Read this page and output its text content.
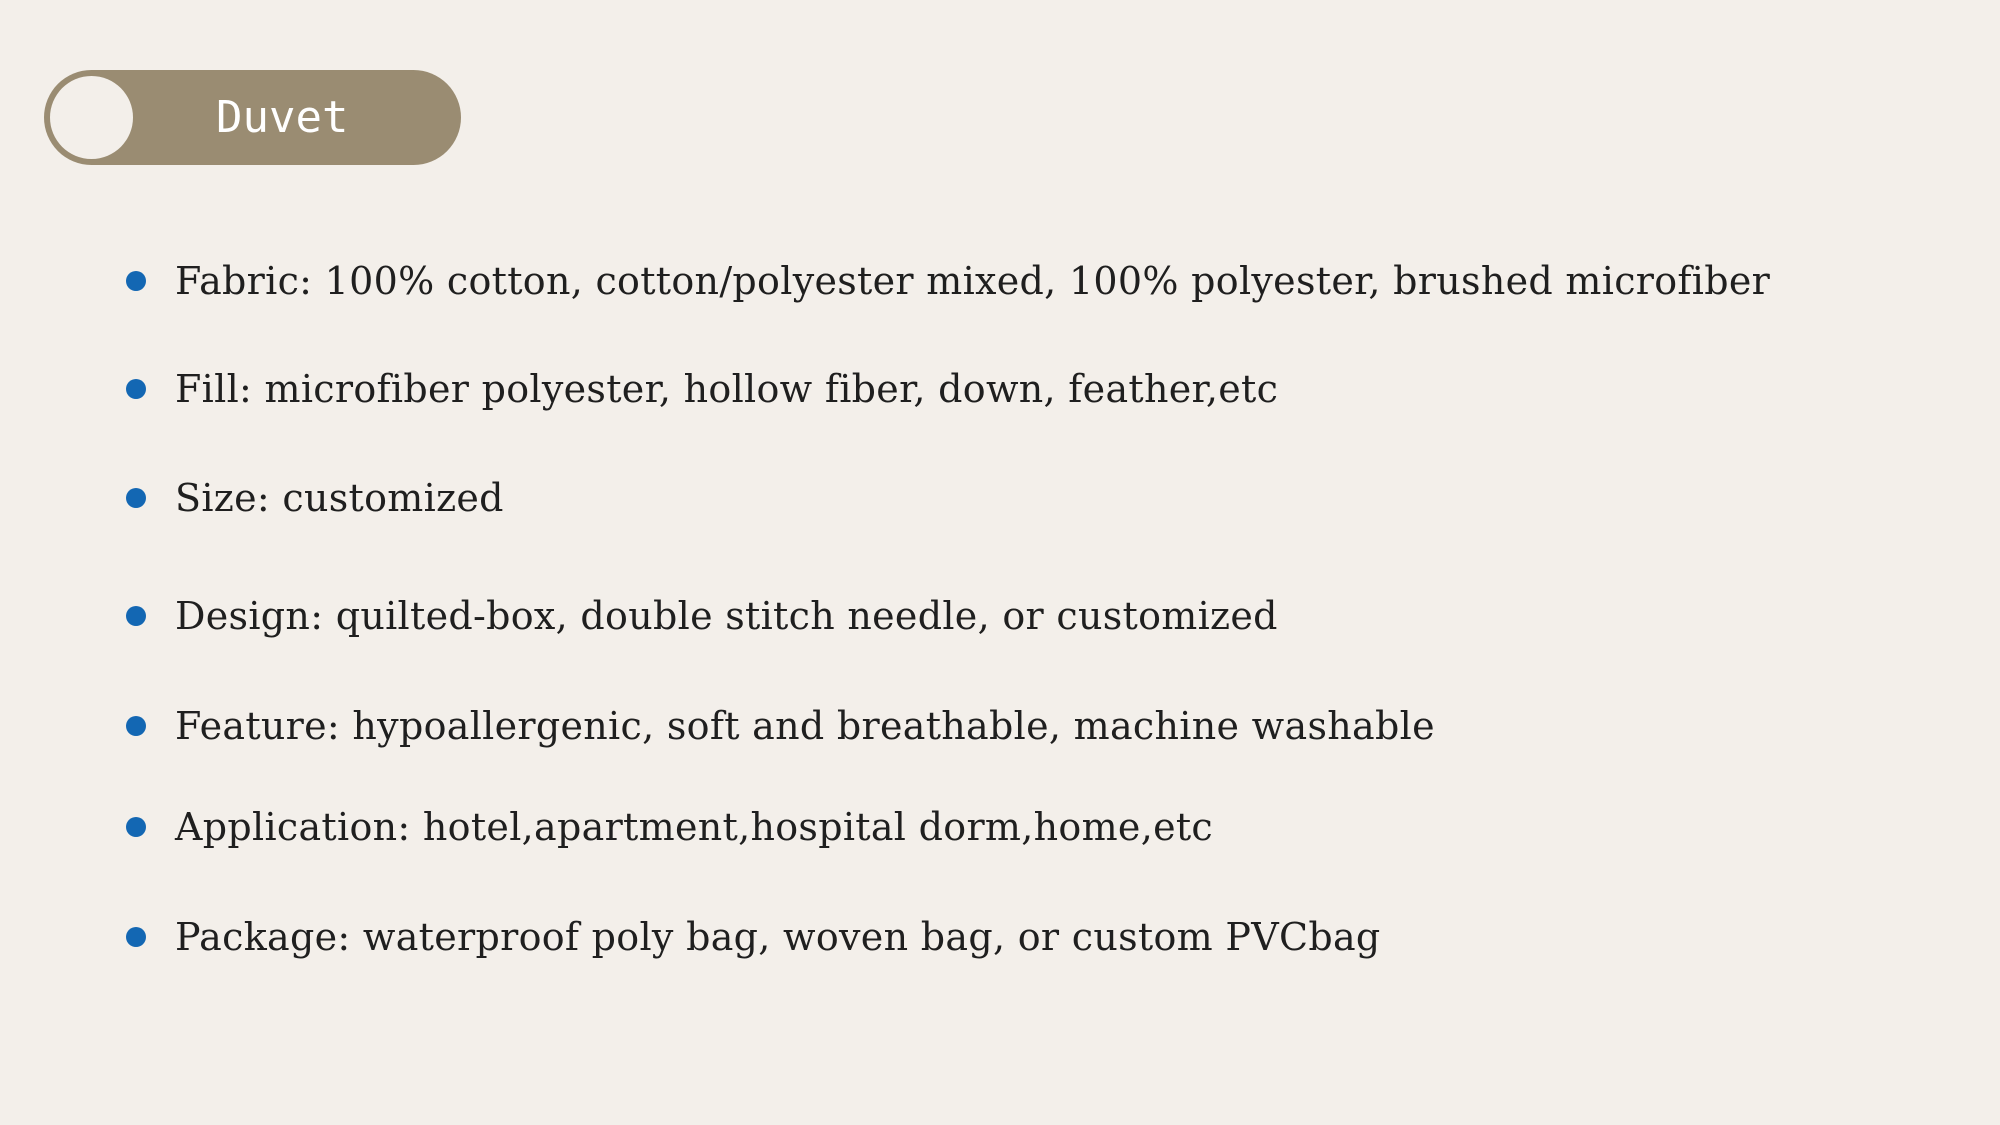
Duvet
Fabric: 100% cotton, cotton/polyester mixed, 100% polyester, brushed microfiber
Fill: microfiber polyester, hollow fiber, down, feather,etc
Size: customized
Design: quilted-box, double stitch needle, or customized
Feature: hypoallergenic, soft and breathable, machine washable
Application: hotel,apartment,hospital dorm,home,etc
Package: waterproof poly bag, woven bag, or custom PVCbag
